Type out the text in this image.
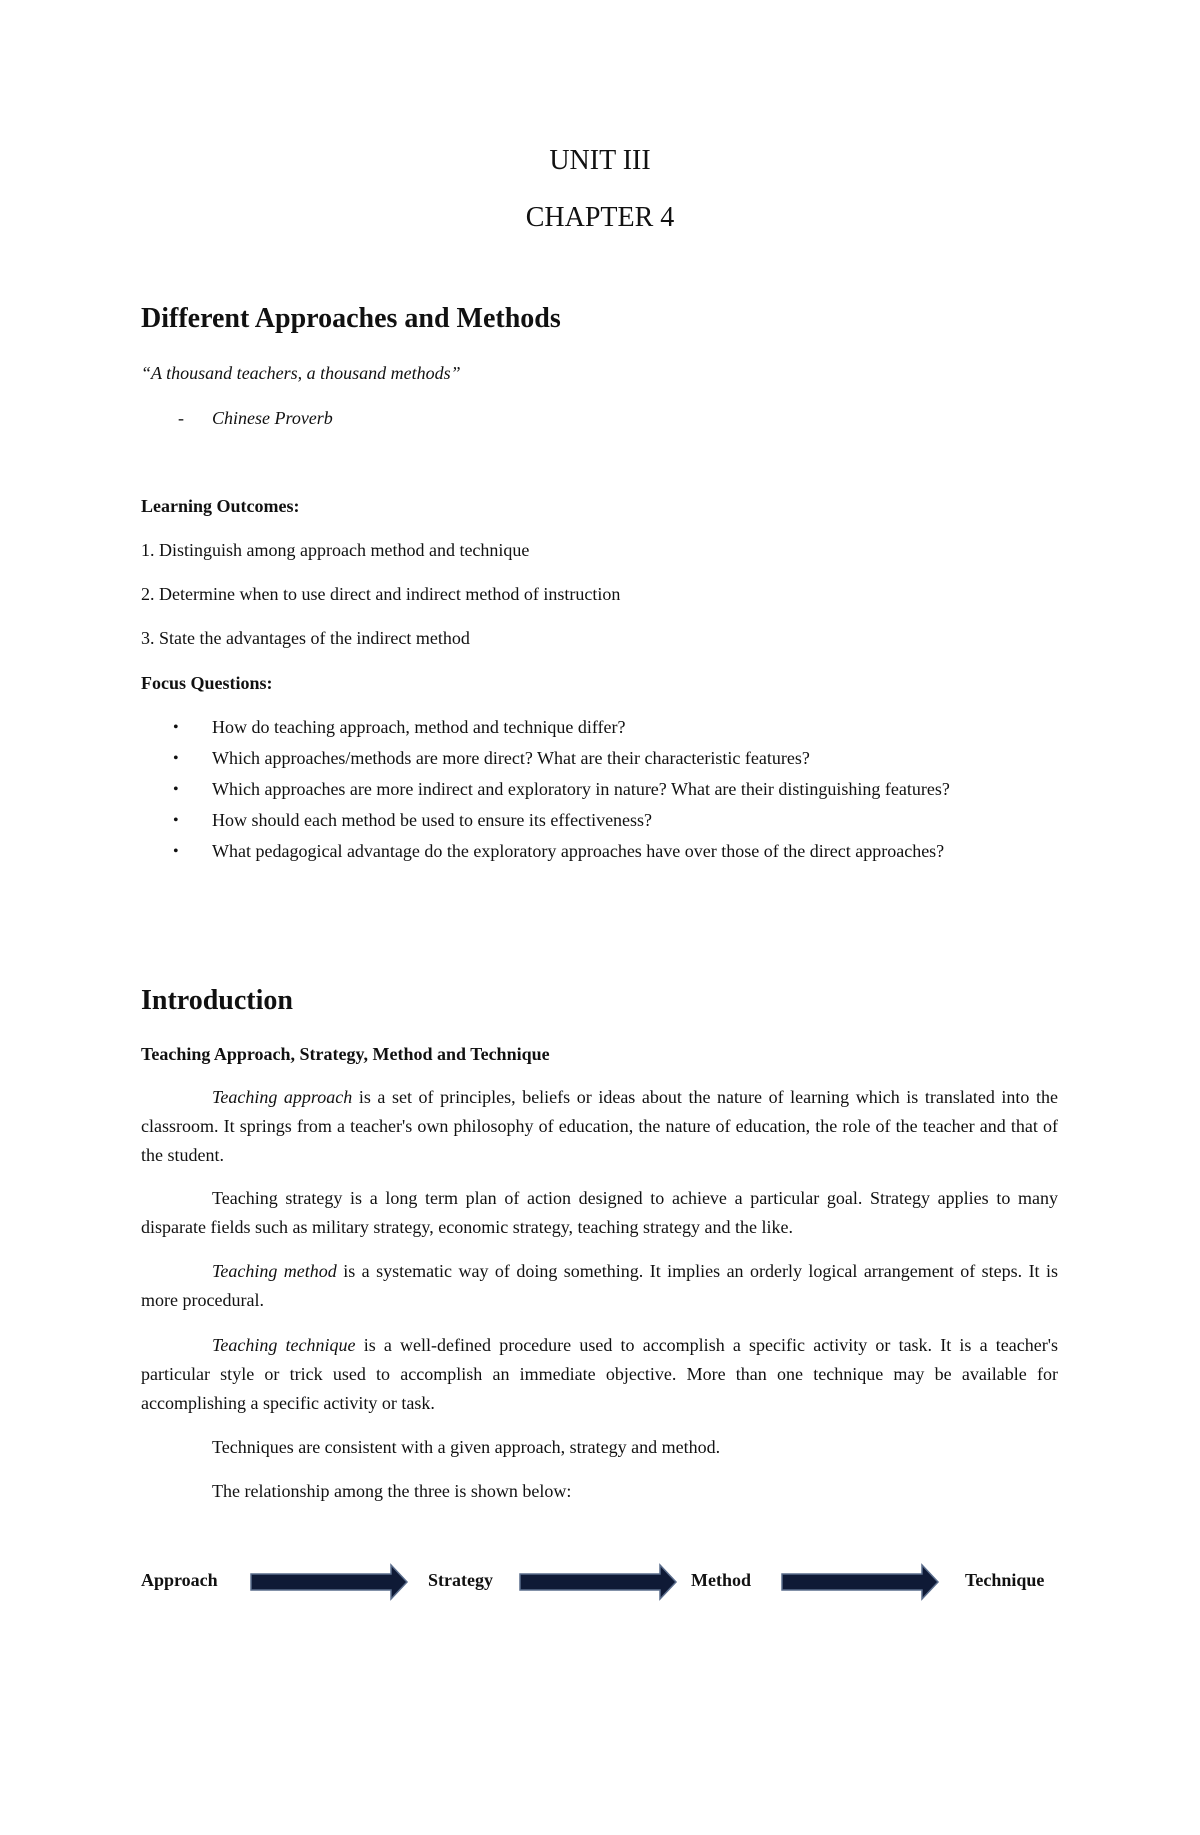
UNIT III
CHAPTER 4
Different Approaches and Methods
“A thousand teachers, a thousand methods”
- Chinese Proverb
Learning Outcomes:
1. Distinguish among approach method and technique
2. Determine when to use direct and indirect method of instruction
3. State the advantages of the indirect method
Focus Questions:
• How do teaching approach, method and technique differ?
• Which approaches/methods are more direct? What are their characteristic features?
• Which approaches are more indirect and exploratory in nature? What are their distinguishing features?
• How should each method be used to ensure its effectiveness?
• What pedagogical advantage do the exploratory approaches have over those of the direct approaches?
Introduction
Teaching Approach, Strategy, Method and Technique
Teaching approach is a set of principles, beliefs or ideas about the nature of learning which is translated into the classroom. It springs from a teacher's own philosophy of education, the nature of education, the role of the teacher and that of the student.
Teaching strategy is a long term plan of action designed to achieve a particular goal. Strategy applies to many disparate fields such as military strategy, economic strategy, teaching strategy and the like.
Teaching method is a systematic way of doing something. It implies an orderly logical arrangement of steps. It is more procedural.
Teaching technique is a well-defined procedure used to accomplish a specific activity or task. It is a teacher's particular style or trick used to accomplish an immediate objective. More than one technique may be available for accomplishing a specific activity or task.
Techniques are consistent with a given approach, strategy and method.
The relationship among the three is shown below:
Approach	Strategy	Method	Technique
